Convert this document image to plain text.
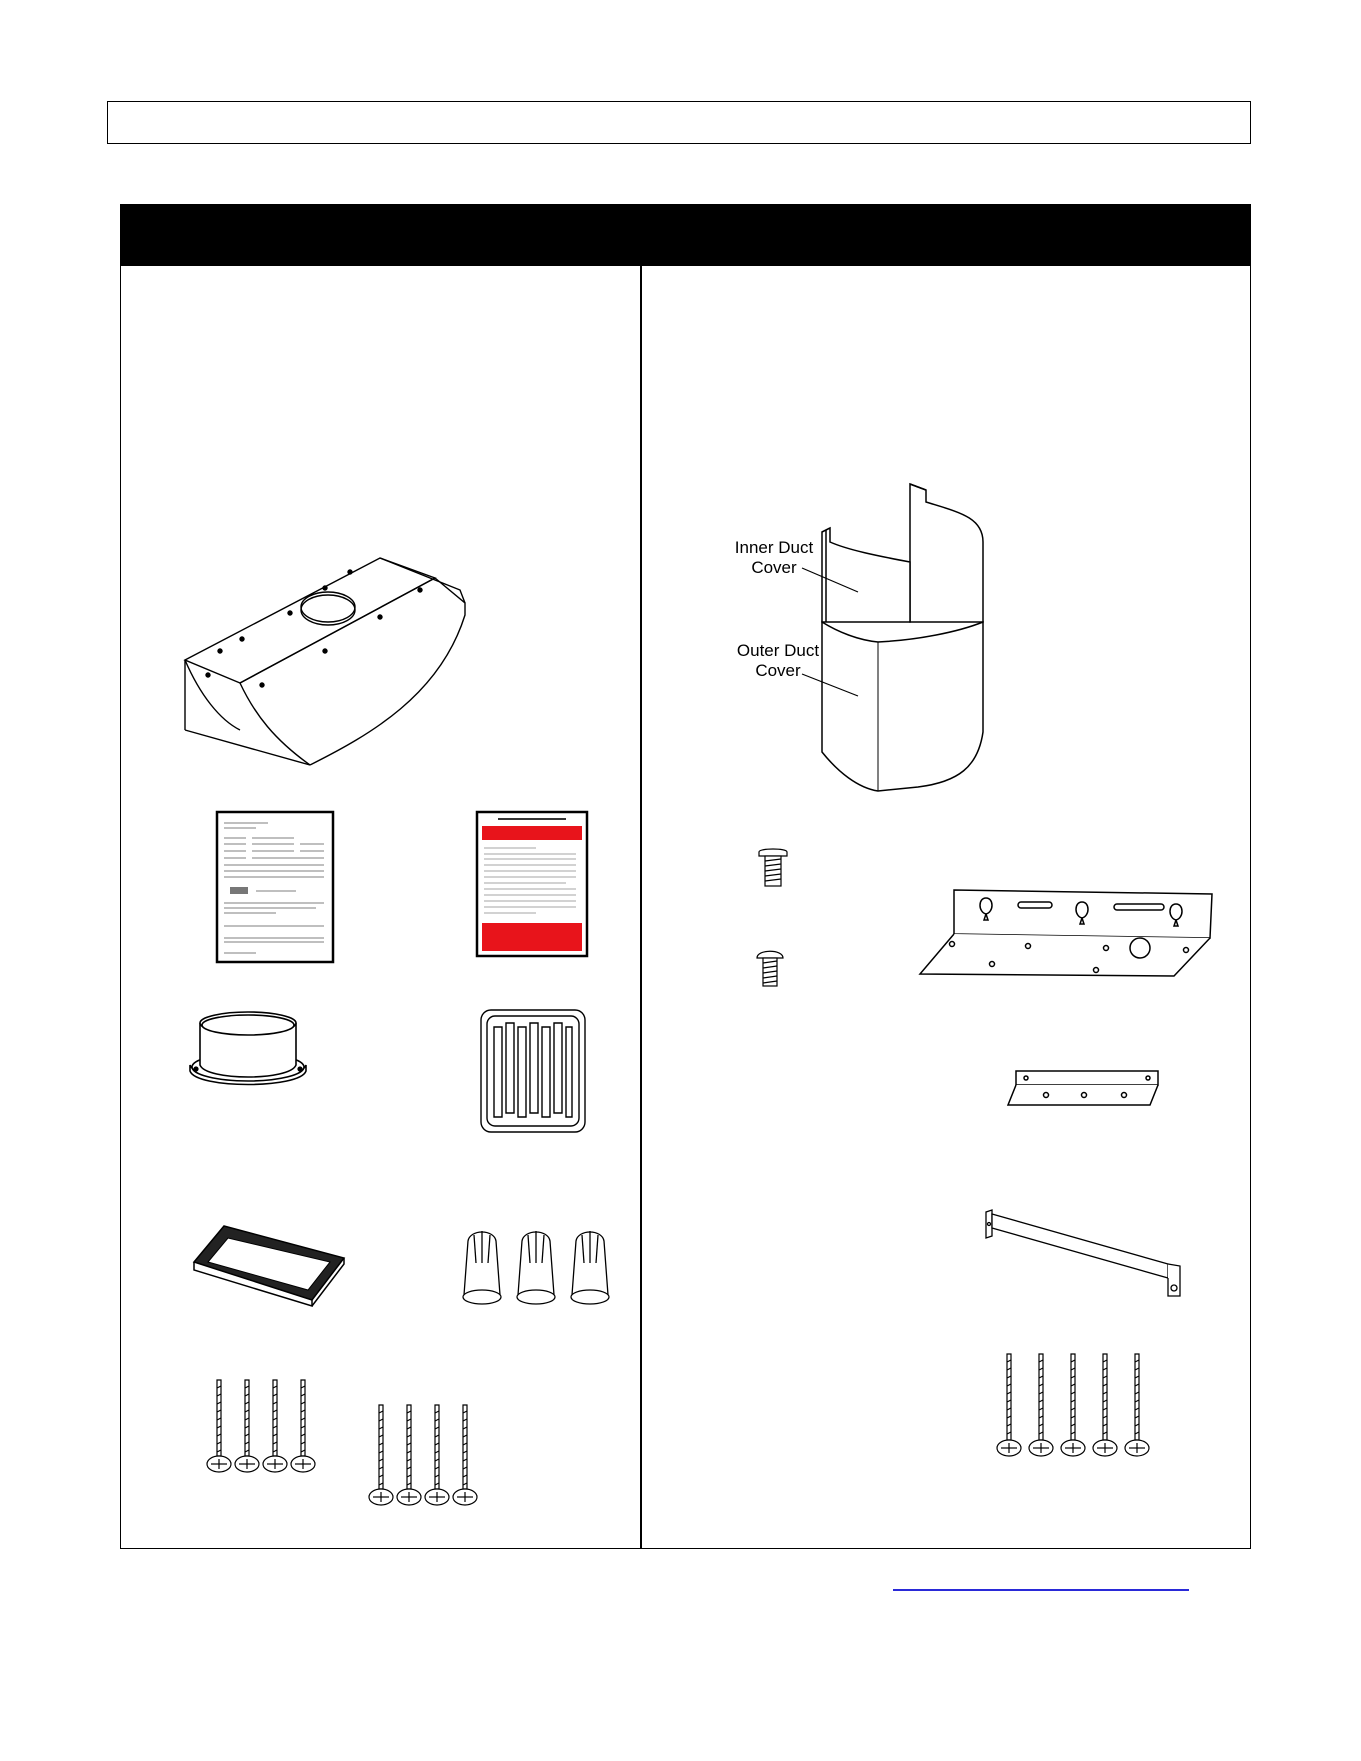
Inner Duct
Cover
Outer Duct
Cover
